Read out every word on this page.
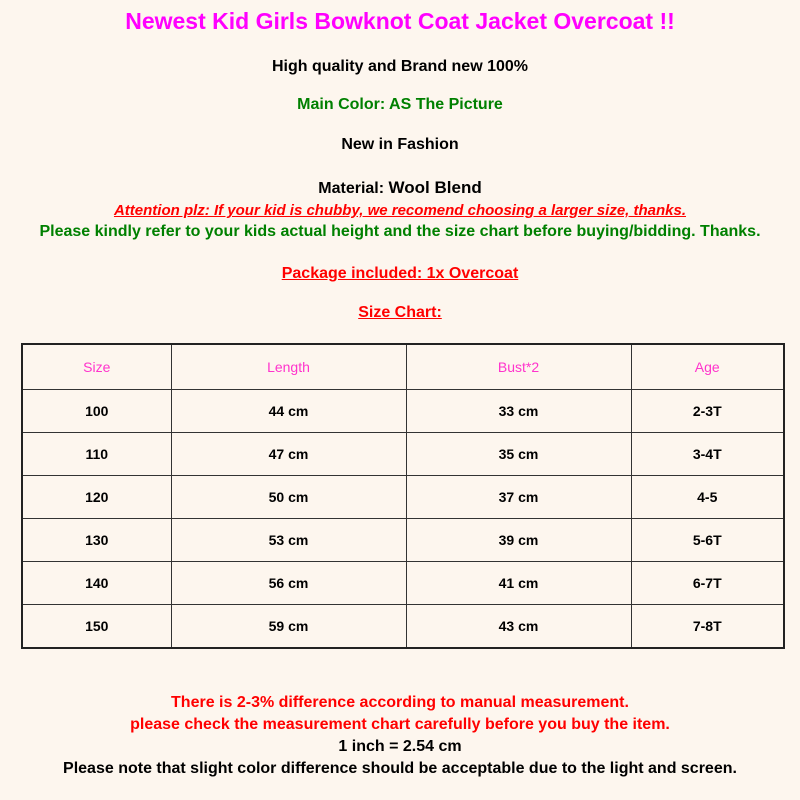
Newest Kid Girls Bowknot Coat Jacket Overcoat !!
High quality and Brand new 100%
Main Color: AS The Picture
New in Fashion
Material: Wool Blend
Attention plz: If your kid is chubby, we recomend choosing a larger size, thanks.
Please kindly refer to your kids actual height and the size chart before buying/bidding. Thanks.
Package included: 1x Overcoat
Size Chart:
Size	Length	Bust*2	Age
100	44 cm	33 cm	2-3T
110	47 cm	35 cm	3-4T
120	50 cm	37 cm	4-5
130	53 cm	39 cm	5-6T
140	56 cm	41 cm	6-7T
150	59 cm	43 cm	7-8T
There is 2-3% difference according to manual measurement.
please check the measurement chart carefully before you buy the item.
1 inch = 2.54 cm
Please note that slight color difference should be acceptable due to the light and screen.
